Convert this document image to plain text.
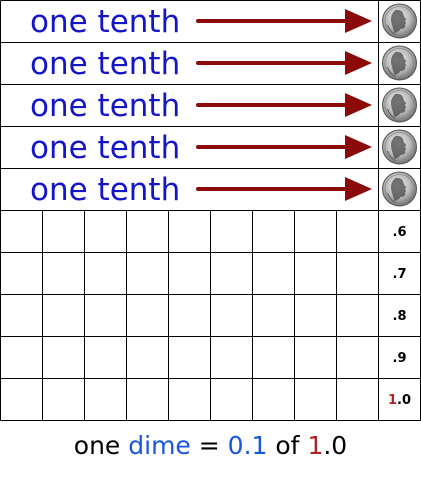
one tenth
one tenth
one tenth
one tenth
one tenth
.6
.7
.8
.9
1.0
one dime = 0.1 of 1.0
